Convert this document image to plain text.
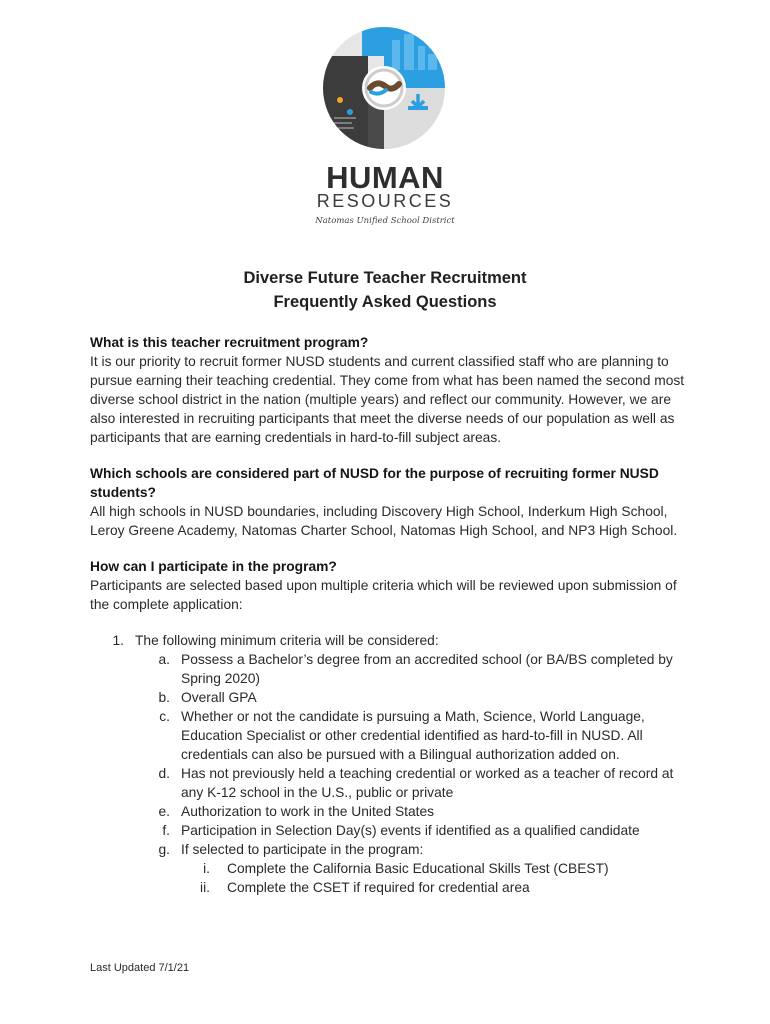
HUMAN
RESOURCES
Natomas Unified School District
Diverse Future Teacher Recruitment
Frequently Asked Questions
What is this teacher recruitment program?
It is our priority to recruit former NUSD students and current classified staff who are planning to pursue earning their teaching credential. They come from what has been named the second most diverse school district in the nation (multiple years) and reflect our community. However, we are also interested in recruiting participants that meet the diverse needs of our population as well as participants that are earning credentials in hard-to-fill subject areas.
Which schools are considered part of NUSD for the purpose of recruiting former NUSD students?
All high schools in NUSD boundaries, including Discovery High School, Inderkum High School, Leroy Greene Academy, Natomas Charter School, Natomas High School, and NP3 High School.
How can I participate in the program?
Participants are selected based upon multiple criteria which will be reviewed upon submission of the complete application:
1. The following minimum criteria will be considered:
a. Possess a Bachelor’s degree from an accredited school (or BA/BS completed by Spring 2020)
b. Overall GPA
c. Whether or not the candidate is pursuing a Math, Science, World Language, Education Specialist or other credential identified as hard-to-fill in NUSD. All credentials can also be pursued with a Bilingual authorization added on.
d. Has not previously held a teaching credential or worked as a teacher of record at any K-12 school in the U.S., public or private
e. Authorization to work in the United States
f. Participation in Selection Day(s) events if identified as a qualified candidate
g. If selected to participate in the program:
i. Complete the California Basic Educational Skills Test (CBEST)
ii. Complete the CSET if required for credential area
Last Updated 7/1/21
